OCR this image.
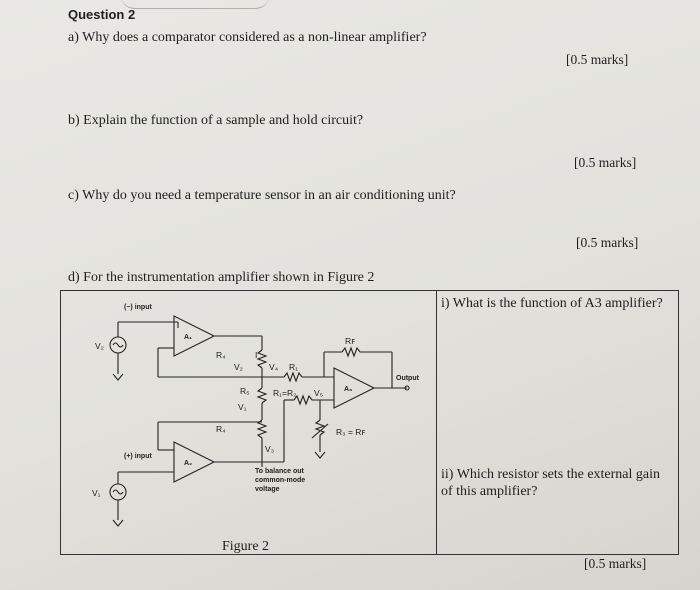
Question 2
a) Why does a comparator considered as a non-linear amplifier?
[0.5 marks]
b) Explain the function of a sample and hold circuit?
[0.5 marks]
c) Why do you need a temperature sensor in an air conditioning unit?
[0.5 marks]
d) For the instrumentation amplifier shown in Figure 2
i) What is the function of A3 amplifier?
ii) Which resistor sets the external gain of this amplifier?
[0.5 marks]
(−) input
(+) input
V₂
V₁
A₁
A₂
A₃
R₄	I
V₂
R₅
V₁
R₄
V₄ R₁
R₁=R₂ V₅
Rꜰ
R₃ = Rꜰ
V₃
Output
To balance out
common-mode
voltage
Figure 2
